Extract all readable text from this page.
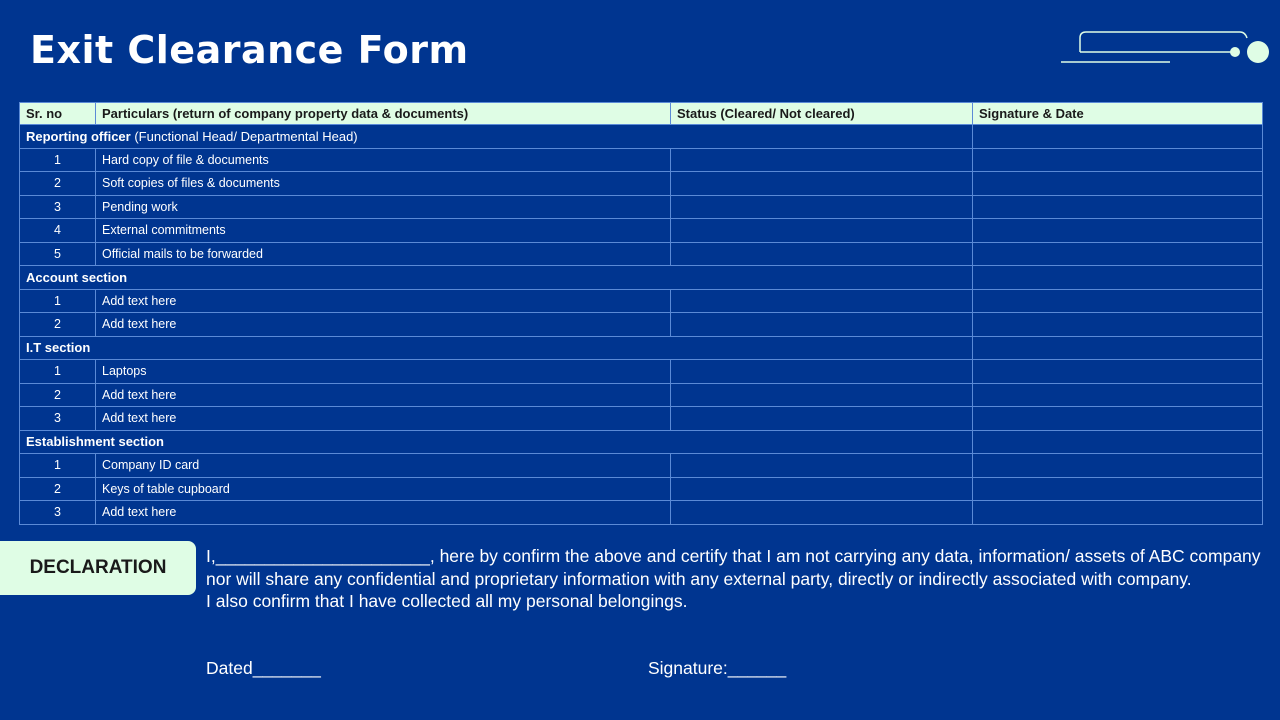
Exit Clearance Form
Sr. no	Particulars (return of company property data & documents)	Status (Cleared/ Not cleared)	Signature & Date
Reporting officer (Functional Head/ Departmental Head)			
1	Hard copy of file & documents		
2	Soft copies of files & documents		
3	Pending work		
4	External commitments		
5	Official mails to be forwarded		
Account section			
1	Add text here		
2	Add text here		
I.T section			
1	Laptops		
2	Add text here		
3	Add text here		
Establishment section			
1	Company ID card		
2	Keys of table cupboard		
3	Add text here		
DECLARATION

I,______________________, here by confirm the above and certify that I am not carrying any data, information/ assets of ABC company nor will share any confidential and proprietary information with any external party, directly or indirectly associated with company.

I also confirm that I have collected all my personal belongings.

Dated_______	Signature:______
